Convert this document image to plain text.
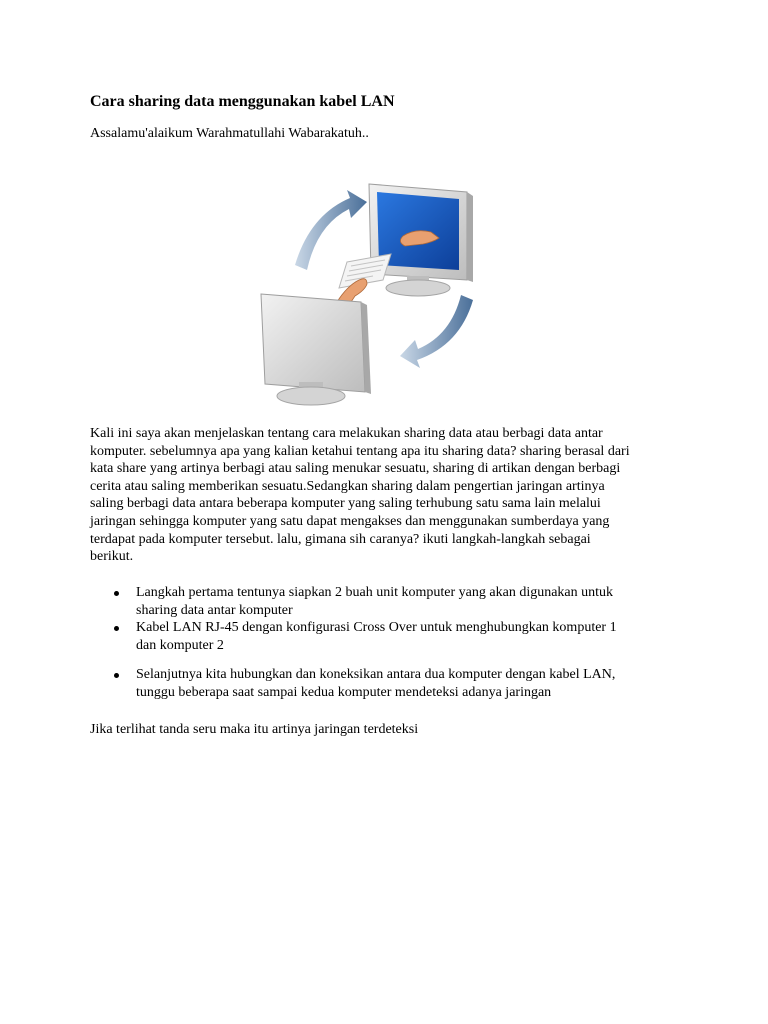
Cara sharing data menggunakan kabel LAN

Assalamu'alaikum Warahmatullahi Wabarakatuh..

Kali ini saya akan menjelaskan tentang cara melakukan sharing data atau berbagi data antar
komputer. sebelumnya apa yang kalian ketahui tentang apa itu sharing data? sharing berasal dari
kata share yang artinya berbagi atau saling menukar sesuatu, sharing di artikan dengan berbagi
cerita atau saling memberikan sesuatu.Sedangkan sharing dalam pengertian jaringan artinya
saling berbagi data antara beberapa komputer yang saling terhubung satu sama lain melalui
jaringan sehingga komputer yang satu dapat mengakses dan menggunakan sumberdaya yang
terdapat pada komputer tersebut. lalu, gimana sih caranya? ikuti langkah-langkah sebagai
berikut.
Langkah pertama tentunya siapkan 2 buah unit komputer yang akan digunakan untuk
sharing data antar komputer
Kabel LAN RJ-45 dengan konfigurasi Cross Over untuk menghubungkan komputer 1
dan komputer 2
Selanjutnya kita hubungkan dan koneksikan antara dua komputer dengan kabel LAN,
tunggu beberapa saat sampai kedua komputer mendeteksi adanya jaringan

Jika terlihat tanda seru maka itu artinya jaringan terdeteksi
